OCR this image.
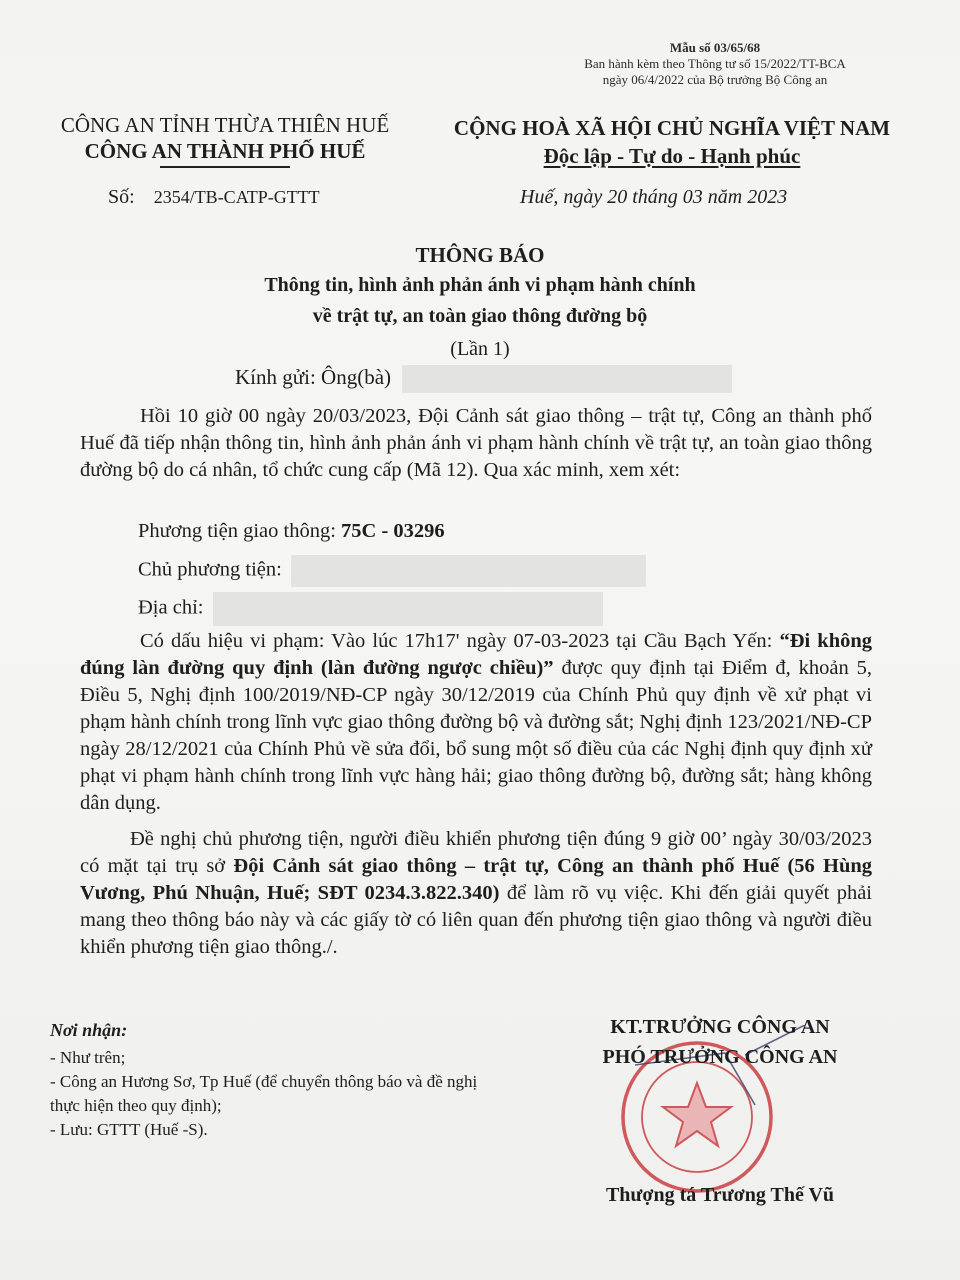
Mẫu số 03/65/68
Ban hành kèm theo Thông tư số 15/2022/TT-BCA
ngày 06/4/2022 của Bộ trưởng Bộ Công an
CÔNG AN TỈNH THỪA THIÊN HUẾ
CÔNG AN THÀNH PHỐ HUẾ
CỘNG HOÀ XÃ HỘI CHỦ NGHĨA VIỆT NAM
Độc lập - Tự do - Hạnh phúc
Số: 2354/TB-CATP-GTTT	Huế, ngày 20 tháng 03 năm 2023
THÔNG BÁO
Thông tin, hình ảnh phản ánh vi phạm hành chính
về trật tự, an toàn giao thông đường bộ
(Lần 1)
Kính gửi: Ông(bà)
Hồi 10 giờ 00 ngày 20/03/2023, Đội Cảnh sát giao thông – trật tự, Công an thành phố Huế đã tiếp nhận thông tin, hình ảnh phản ánh vi phạm hành chính về trật tự, an toàn giao thông đường bộ do cá nhân, tổ chức cung cấp (Mã 12). Qua xác minh, xem xét:
Phương tiện giao thông: 75C - 03296
Chủ phương tiện:
Địa chỉ:
Có dấu hiệu vi phạm: Vào lúc 17h17' ngày 07-03-2023 tại Cầu Bạch Yến: “Đi không đúng làn đường quy định (làn đường ngược chiều)” được quy định tại Điểm đ, khoản 5, Điều 5, Nghị định 100/2019/NĐ-CP ngày 30/12/2019 của Chính Phủ quy định về xử phạt vi phạm hành chính trong lĩnh vực giao thông đường bộ và đường sắt; Nghị định 123/2021/NĐ-CP ngày 28/12/2021 của Chính Phủ về sửa đổi, bổ sung một số điều của các Nghị định quy định xử phạt vi phạm hành chính trong lĩnh vực hàng hải; giao thông đường bộ, đường sắt; hàng không dân dụng.
Đề nghị chủ phương tiện, người điều khiển phương tiện đúng 9 giờ 00’ ngày 30/03/2023 có mặt tại trụ sở Đội Cảnh sát giao thông – trật tự, Công an thành phố Huế (56 Hùng Vương, Phú Nhuận, Huế; SĐT 0234.3.822.340) để làm rõ vụ việc. Khi đến giải quyết phải mang theo thông báo này và các giấy tờ có liên quan đến phương tiện giao thông và người điều khiển phương tiện giao thông./.
Nơi nhận:
- Như trên;
- Công an Hương Sơ, Tp Huế (để chuyển thông báo và đề nghị thực hiện theo quy định);
- Lưu: GTTT (Huế -S).
KT.TRƯỞNG CÔNG AN
PHÓ TRƯỞNG CÔNG AN
Thượng tá Trương Thế Vũ
